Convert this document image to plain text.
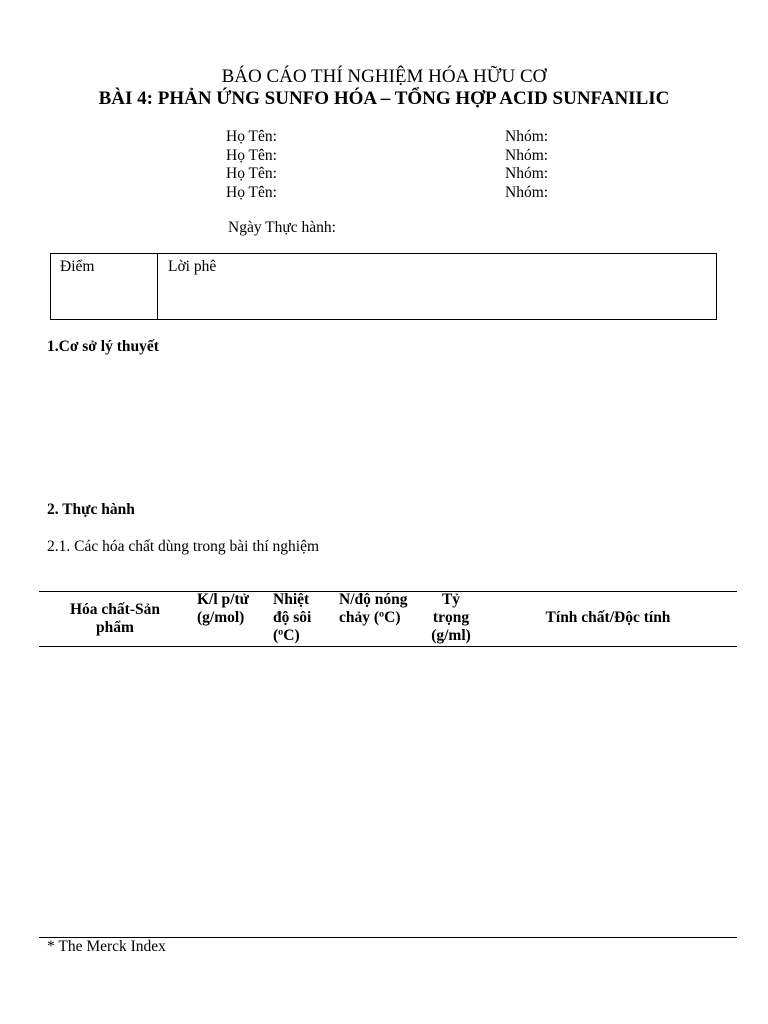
BÁO CÁO THÍ NGHIỆM HÓA HỮU CƠ
BÀI 4: PHẢN ỨNG SUNFO HÓA – TỔNG HỢP ACID SUNFANILIC
Họ Tên:
Họ Tên:
Họ Tên:
Họ Tên:
Nhóm:
Nhóm:
Nhóm:
Nhóm:
Ngày Thực hành:
Điểm	Lời phê
1.Cơ sở lý thuyết
2. Thực hành
2.1. Các hóa chất dùng trong bài thí nghiệm
Hóa chất-Sản
phẩm
K/l p/tử
(g/mol)
Nhiệt
độ sôi
(ºC)
N/độ nóng
chảy (ºC)
Tỷ
trọng
(g/ml)
Tính chất/Độc tính
* The Merck Index
